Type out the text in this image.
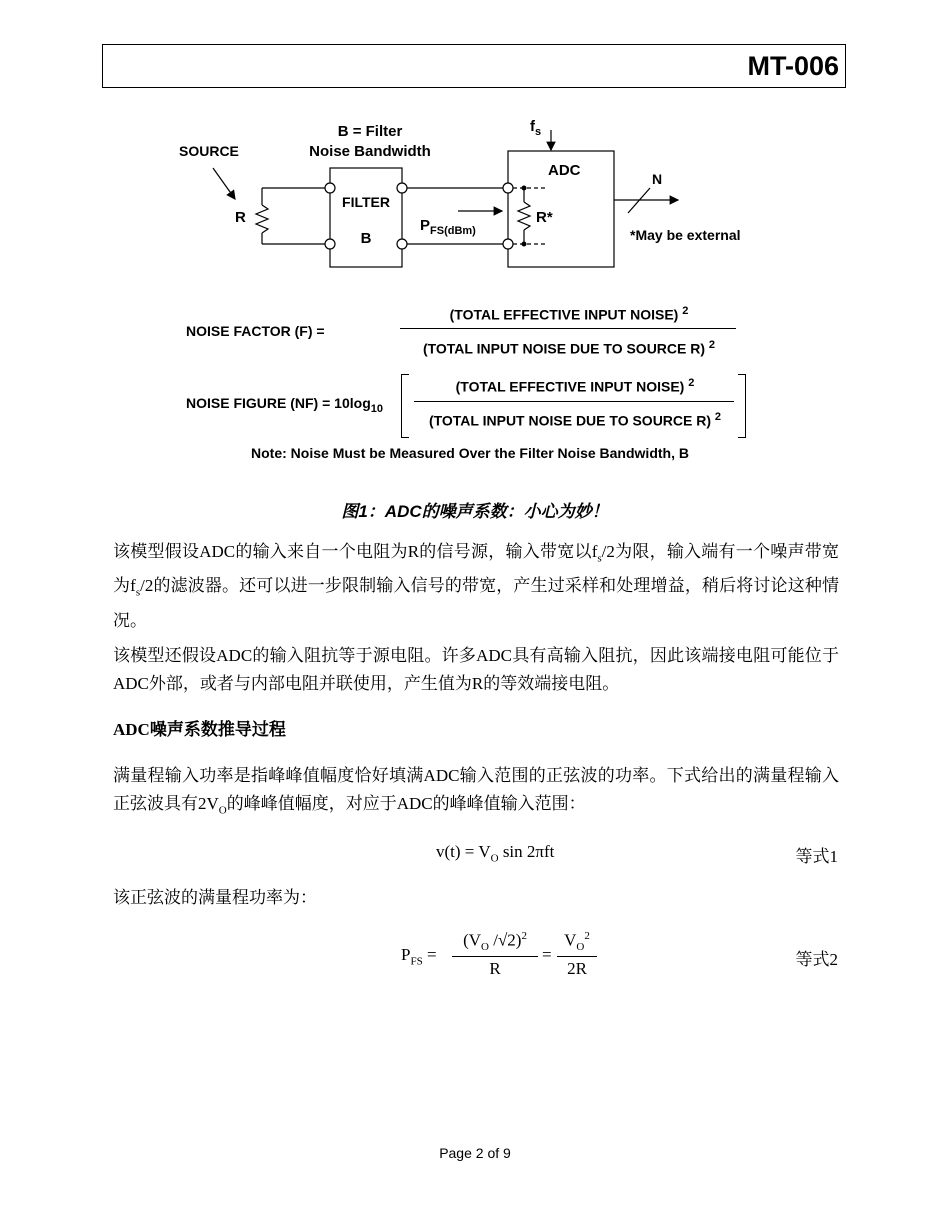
MT-006
SOURCE
R
B = Filter
Noise Bandwidth
FILTER
B
$P_{FS(dBm)}$
$f_s$
ADC
R*
N
*May be external
NOISE FACTOR (F) =
(TOTAL EFFECTIVE INPUT NOISE) $^2$
(TOTAL INPUT NOISE DUE TO SOURCE R) $^2$
NOISE FIGURE $(NF) = 10\log_{10}$
(TOTAL EFFECTIVE INPUT NOISE) $^2$
(TOTAL INPUT NOISE DUE TO SOURCE R) $^2$
Note: Noise Must be Measured Over the Filter Noise Bandwidth, B
图1：ADC的噪声系数：小心为妙！
该模型假设ADC的输入来自一个电阻为R的信号源，输入带宽以$f_s/2$为限，输入端有一个噪声带宽为$f_s/2$的滤波器。还可以进一步限制输入信号的带宽，产生过采样和处理增益，稍后将讨论这种情况。
该模型还假设ADC的输入阻抗等于源电阻。许多ADC具有高输入阻抗，因此该端接电阻可能位于ADC外部，或者与内部电阻并联使用，产生值为R的等效端接电阻。
ADC噪声系数推导过程
满量程输入功率是指峰峰值幅度恰好填满ADC输入范围的正弦波的功率。下式给出的满量程输入正弦波具有$2V_O$的峰峰值幅度，对应于ADC的峰峰值输入范围：
$v(t) = V_O$ sin 2πft	等式1
该正弦波的满量程功率为：
$P_{FS}$ =
($V_O$ /√2)$^2$
R
=
$V_O^2$
2R	等式2
Page 2 of 9
